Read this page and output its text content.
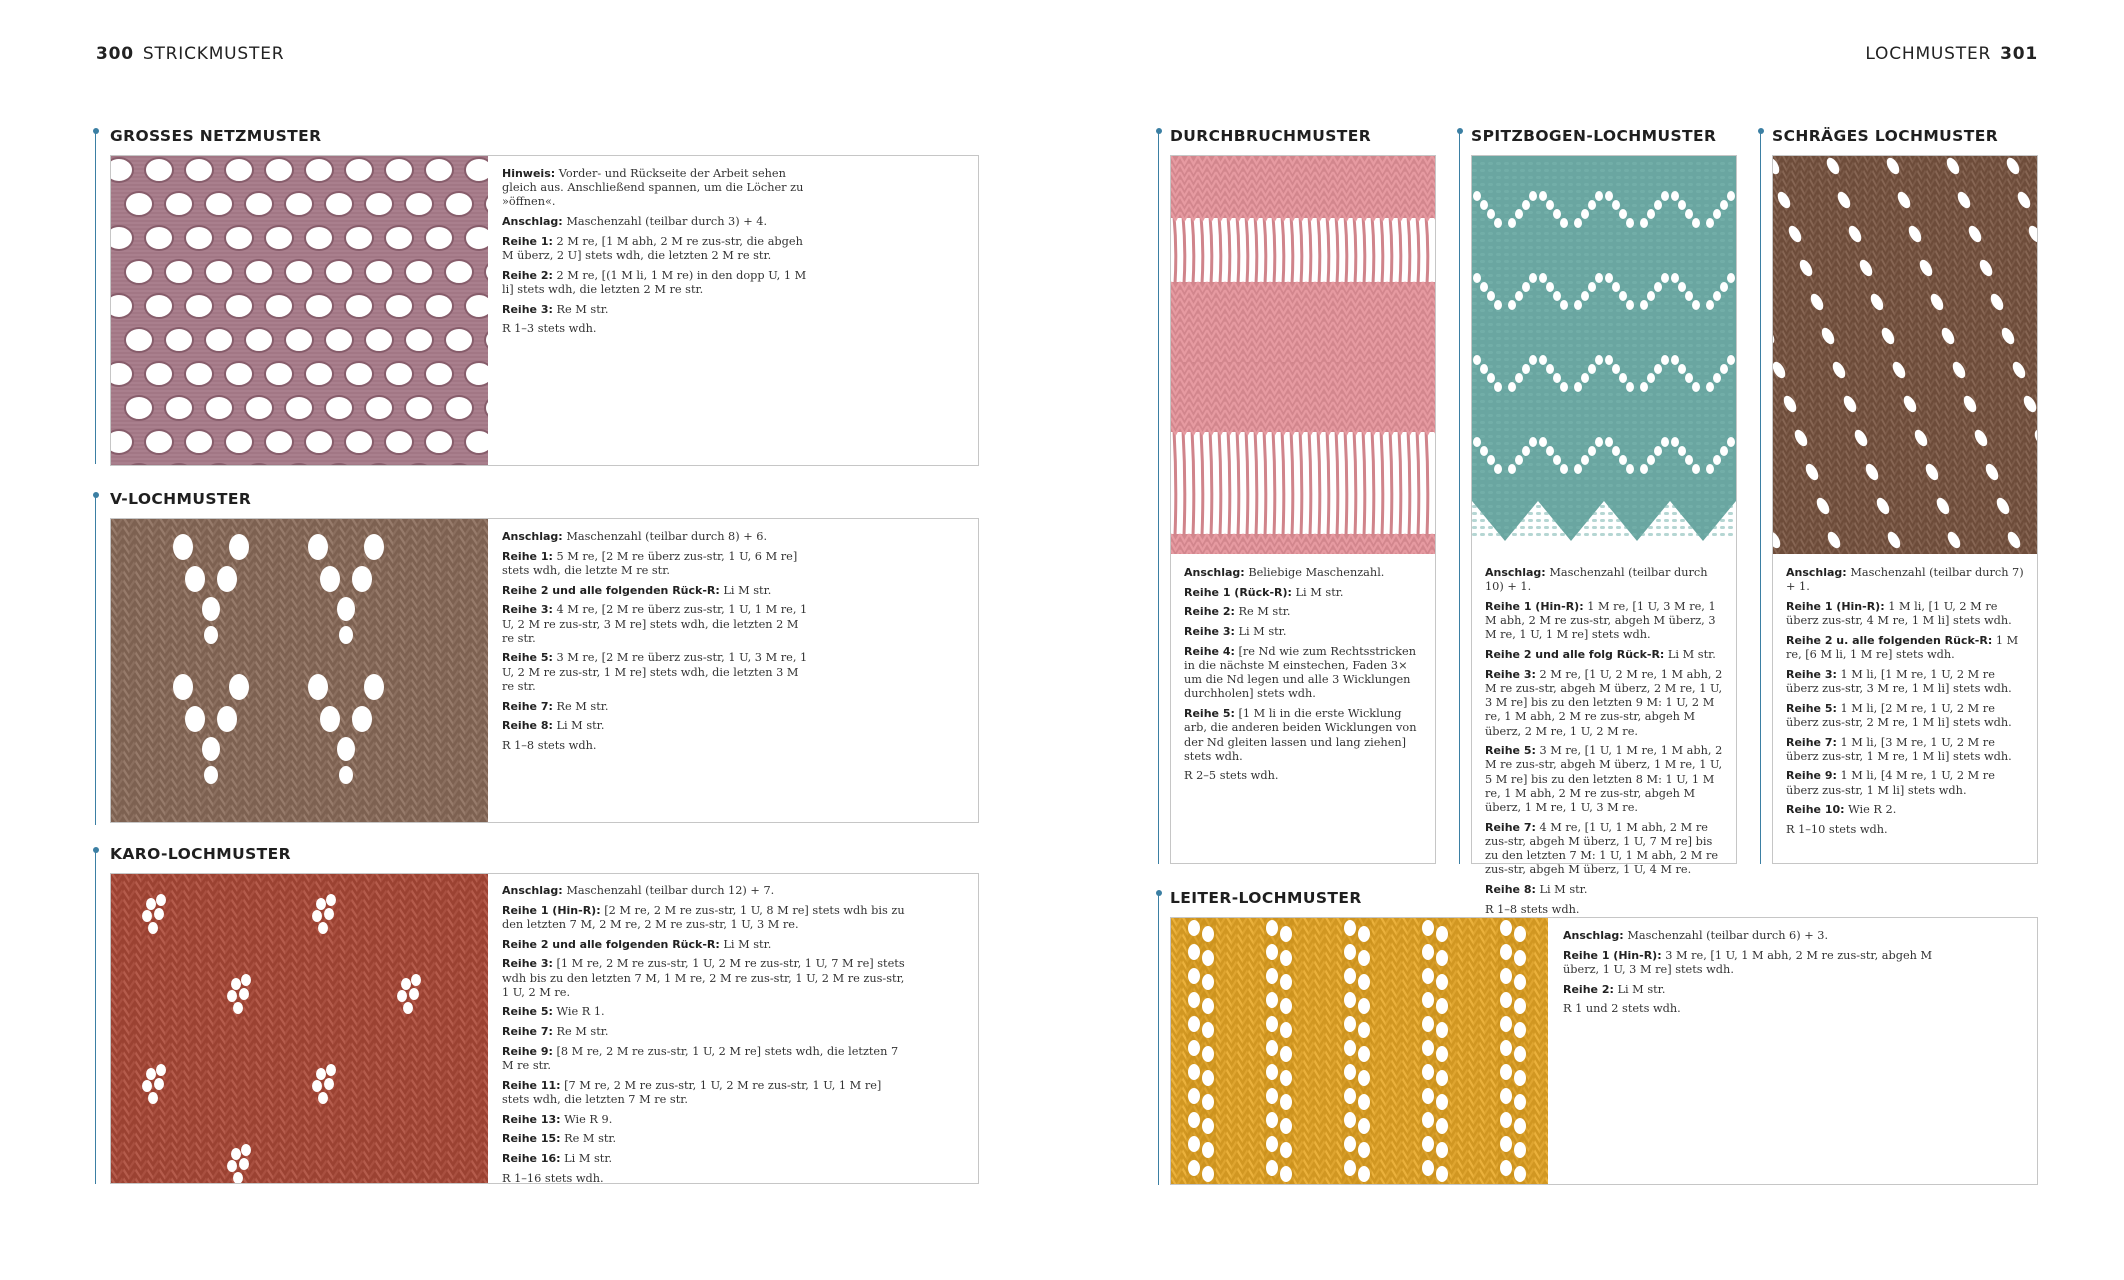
300 STRICKMUSTER	LOCHMUSTER 301
GROSSES NETZMUSTER

Hinweis: Vorder- und Rückseite der Arbeit sehen gleich aus. Anschließend spannen, um die Löcher zu »öffnen«.

Anschlag: Maschenzahl (teilbar durch 3) + 4.

Reihe 1: 2 M re, [1 M abh, 2 M re zus-str, die abgeh M überz, 2 U] stets wdh, die letzten 2 M re str.

Reihe 2: 2 M re, [(1 M li, 1 M re) in den dopp U, 1 M li] stets wdh, die letzten 2 M re str.

Reihe 3: Re M str.

R 1–3 stets wdh.

V-LOCHMUSTER

Anschlag: Maschenzahl (teilbar durch 8) + 6.

Reihe 1: 5 M re, [2 M re überz zus-str, 1 U, 6 M re] stets wdh, die letzte M re str.

Reihe 2 und alle folgenden Rück-R: Li M str.

Reihe 3: 4 M re, [2 M re überz zus-str, 1 U, 1 M re, 1 U, 2 M re zus-str, 3 M re] stets wdh, die letzten 2 M re str.

Reihe 5: 3 M re, [2 M re überz zus-str, 1 U, 3 M re, 1 U, 2 M re zus-str, 1 M re] stets wdh, die letzten 3 M re str.

Reihe 7: Re M str.

Reihe 8: Li M str.

R 1–8 stets wdh.

KARO-LOCHMUSTER

Anschlag: Maschenzahl (teilbar durch 12) + 7.

Reihe 1 (Hin-R): [2 M re, 2 M re zus-str, 1 U, 8 M re] stets wdh bis zu den letzten 7 M, 2 M re, 2 M re zus-str, 1 U, 3 M re.

Reihe 2 und alle folgenden Rück-R: Li M str.

Reihe 3: [1 M re, 2 M re zus-str, 1 U, 2 M re zus-str, 1 U, 7 M re] stets wdh bis zu den letzten 7 M, 1 M re, 2 M re zus-str, 1 U, 2 M re zus-str, 1 U, 2 M re.

Reihe 5: Wie R 1.

Reihe 7: Re M str.

Reihe 9: [8 M re, 2 M re zus-str, 1 U, 2 M re] stets wdh, die letzten 7 M re str.

Reihe 11: [7 M re, 2 M re zus-str, 1 U, 2 M re zus-str, 1 U, 1 M re] stets wdh, die letzten 7 M re str.

Reihe 13: Wie R 9.

Reihe 15: Re M str.

Reihe 16: Li M str.

R 1–16 stets wdh.

DURCHBRUCHMUSTER

Anschlag: Beliebige Maschenzahl.

Reihe 1 (Rück-R): Li M str.

Reihe 2: Re M str.

Reihe 3: Li M str.

Reihe 4: [re Nd wie zum Rechtsstricken in die nächste M einstechen, Faden 3× um die Nd legen und alle 3 Wicklungen durchholen] stets wdh.

Reihe 5: [1 M li in die erste Wicklung arb, die anderen beiden Wicklungen von der Nd gleiten lassen und lang ziehen] stets wdh.

R 2–5 stets wdh.

SPITZBOGEN-LOCHMUSTER

Anschlag: Maschenzahl (teilbar durch 10) + 1.

Reihe 1 (Hin-R): 1 M re, [1 U, 3 M re, 1 M abh, 2 M re zus-str, abgeh M überz, 3 M re, 1 U, 1 M re] stets wdh.

Reihe 2 und alle folg Rück-R: Li M str.

Reihe 3: 2 M re, [1 U, 2 M re, 1 M abh, 2 M re zus-str, abgeh M überz, 2 M re, 1 U, 3 M re] bis zu den letzten 9 M: 1 U, 2 M re, 1 M abh, 2 M re zus-str, abgeh M überz, 2 M re, 1 U, 2 M re.

Reihe 5: 3 M re, [1 U, 1 M re, 1 M abh, 2 M re zus-str, abgeh M überz, 1 M re, 1 U, 5 M re] bis zu den letzten 8 M: 1 U, 1 M re, 1 M abh, 2 M re zus-str, abgeh M überz, 1 M re, 1 U, 3 M re.

Reihe 7: 4 M re, [1 U, 1 M abh, 2 M re zus-str, abgeh M überz, 1 U, 7 M re] bis zu den letzten 7 M: 1 U, 1 M abh, 2 M re zus-str, abgeh M überz, 1 U, 4 M re.

Reihe 8: Li M str.

R 1–8 stets wdh.

SCHRÄGES LOCHMUSTER

Anschlag: Maschenzahl (teilbar durch 7) + 1.

Reihe 1 (Hin-R): 1 M li, [1 U, 2 M re überz zus-str, 4 M re, 1 M li] stets wdh.

Reihe 2 u. alle folgenden Rück-R: 1 M re, [6 M li, 1 M re] stets wdh.

Reihe 3: 1 M li, [1 M re, 1 U, 2 M re überz zus-str, 3 M re, 1 M li] stets wdh.

Reihe 5: 1 M li, [2 M re, 1 U, 2 M re überz zus-str, 2 M re, 1 M li] stets wdh.

Reihe 7: 1 M li, [3 M re, 1 U, 2 M re überz zus-str, 1 M re, 1 M li] stets wdh.

Reihe 9: 1 M li, [4 M re, 1 U, 2 M re überz zus-str, 1 M li] stets wdh.

Reihe 10: Wie R 2.

R 1–10 stets wdh.

LEITER-LOCHMUSTER

Anschlag: Maschenzahl (teilbar durch 6) + 3.

Reihe 1 (Hin-R): 3 M re, [1 U, 1 M abh, 2 M re zus-str, abgeh M überz, 1 U, 3 M re] stets wdh.

Reihe 2: Li M str.

R 1 und 2 stets wdh.
